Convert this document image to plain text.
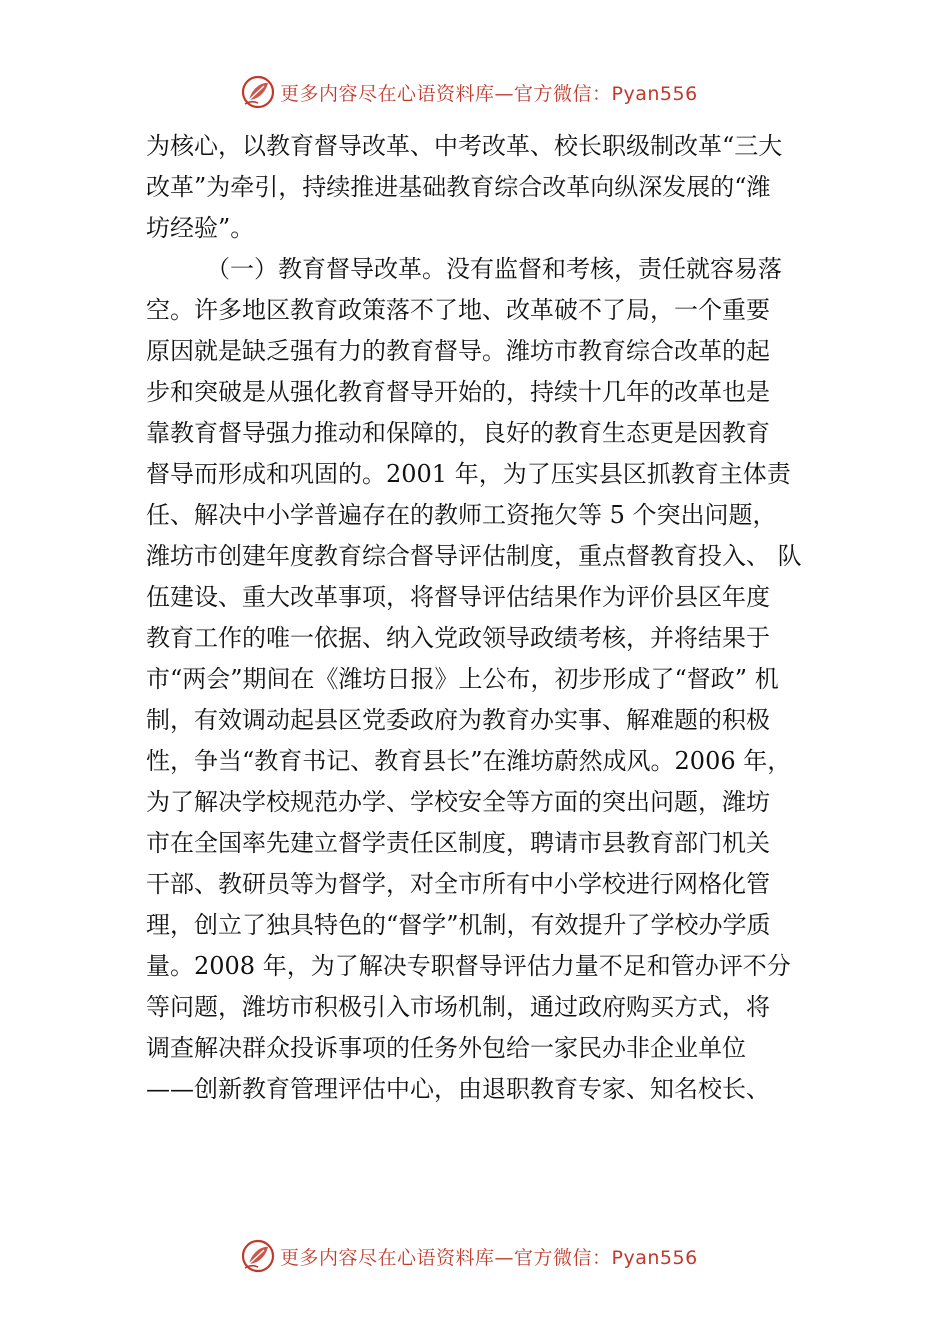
更多内容尽在心语资料库—官方微信：Pyan556
为核心，以教育督导改革、中考改革、校长职级制改革“三大
改革”为牵引，持续推进基础教育综合改革向纵深发展的“潍
坊经验”。
（一）教育督导改革。没有监督和考核，责任就容易落
空。许多地区教育政策落不了地、改革破不了局，一个重要
原因就是缺乏强有力的教育督导。潍坊市教育综合改革的起
步和突破是从强化教育督导开始的，持续十几年的改革也是
靠教育督导强力推动和保障的，良好的教育生态更是因教育
督导而形成和巩固的。2001 年，为了压实县区抓教育主体责
任、解决中小学普遍存在的教师工资拖欠等 5 个突出问题，
潍坊市创建年度教育综合督导评估制度，重点督教育投入、 队
伍建设、重大改革事项，将督导评估结果作为评价县区年度
教育工作的唯一依据、纳入党政领导政绩考核，并将结果于
市“两会”期间在《潍坊日报》上公布，初步形成了“督政” 机
制，有效调动起县区党委政府为教育办实事、解难题的积极
性，争当“教育书记、教育县长”在潍坊蔚然成风。2006 年，
为了解决学校规范办学、学校安全等方面的突出问题，潍坊
市在全国率先建立督学责任区制度，聘请市县教育部门机关
干部、教研员等为督学，对全市所有中小学校进行网格化管
理，创立了独具特色的“督学”机制，有效提升了学校办学质
量。2008 年，为了解决专职督导评估力量不足和管办评不分
等问题，潍坊市积极引入市场机制，通过政府购买方式，将
调查解决群众投诉事项的任务外包给一家民办非企业单位
——创新教育管理评估中心，由退职教育专家、知名校长、
更多内容尽在心语资料库—官方微信：Pyan556
